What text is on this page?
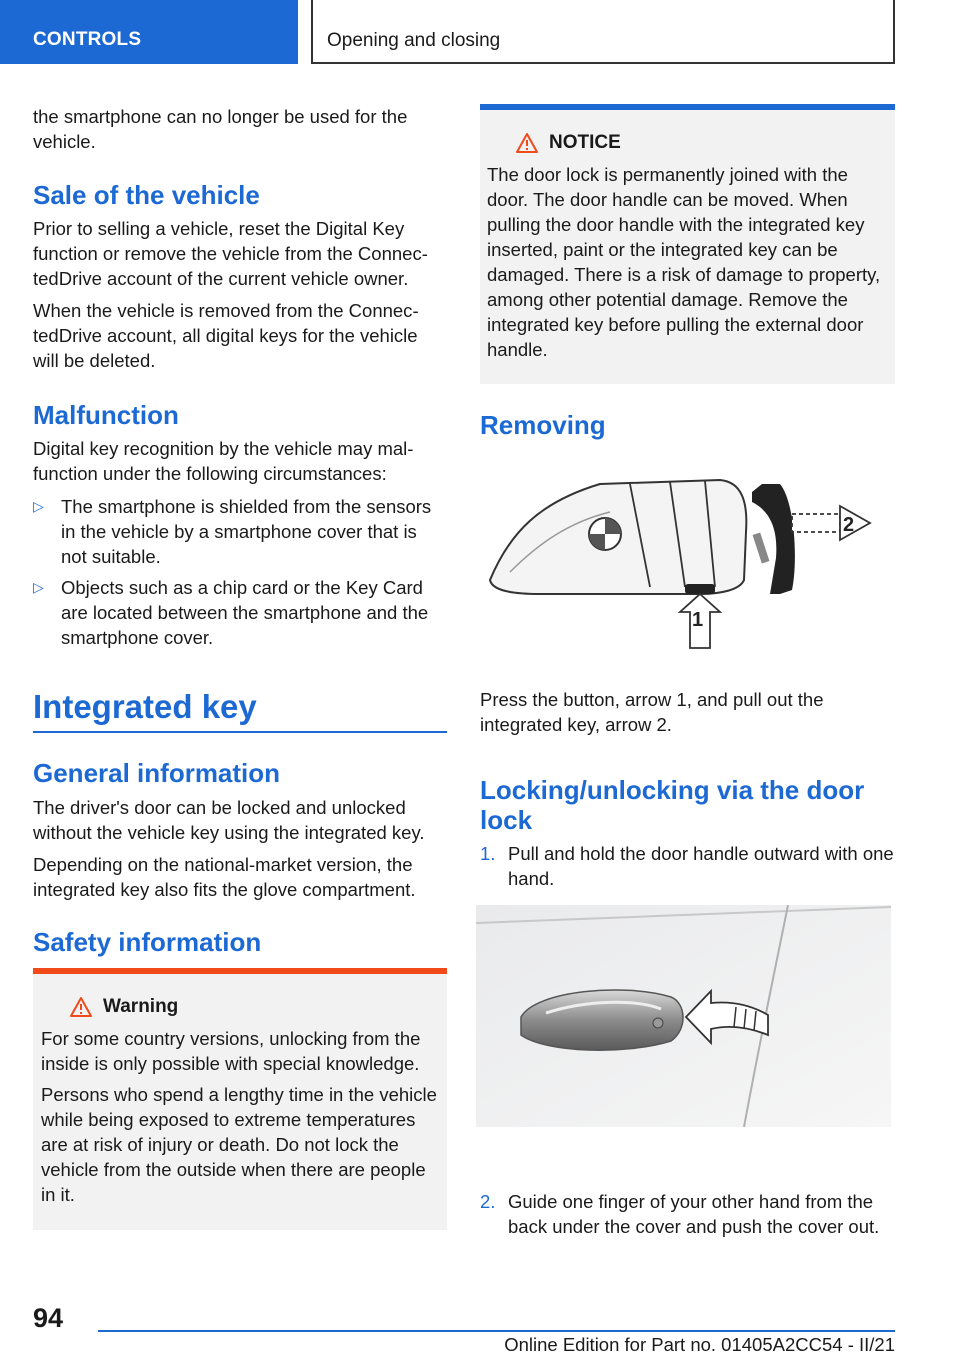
CONTROLS	Opening and closing

the smartphone can no longer be used for the vehicle.

Sale of the vehicle

Prior to selling a vehicle, reset the Digital Key function or remove the vehicle from the ConnectedDrive account of the current vehicle owner.

When the vehicle is removed from the ConnectedDrive account, all digital keys for the vehicle will be deleted.

Malfunction

Digital key recognition by the vehicle may malfunction under the following circumstances:

▷ The smartphone is shielded from the sensors in the vehicle by a smartphone cover that is not suitable.
▷ Objects such as a chip card or the Key Card are located between the smartphone and the smartphone cover.
Integrated key
General information

The driver's door can be locked and unlocked without the vehicle key using the integrated key.

Depending on the national-market version, the integrated key also fits the glove compartment.

Safety information
Warning

For some country versions, unlocking from the inside is only possible with special knowledge.

Persons who spend a lengthy time in the vehicle while being exposed to extreme temperatures are at risk of injury or death. Do not lock the vehicle from the outside when there are people in it.

NOTICE

The door lock is permanently joined with the door. The door handle can be moved. When pulling the door handle with the integrated key inserted, paint or the integrated key can be damaged. There is a risk of damage to property, among other potential damage. Remove the integrated key before pulling the external door handle.

Removing
2
1

Press the button, arrow 1, and pull out the integrated key, arrow 2.

Locking/unlocking via the door lock
1. Pull and hold the door handle outward with one hand.
2. Guide one finger of your other hand from the back under the cover and push the cover out.
94
Online Edition for Part no. 01405A2CC54 - II/21
